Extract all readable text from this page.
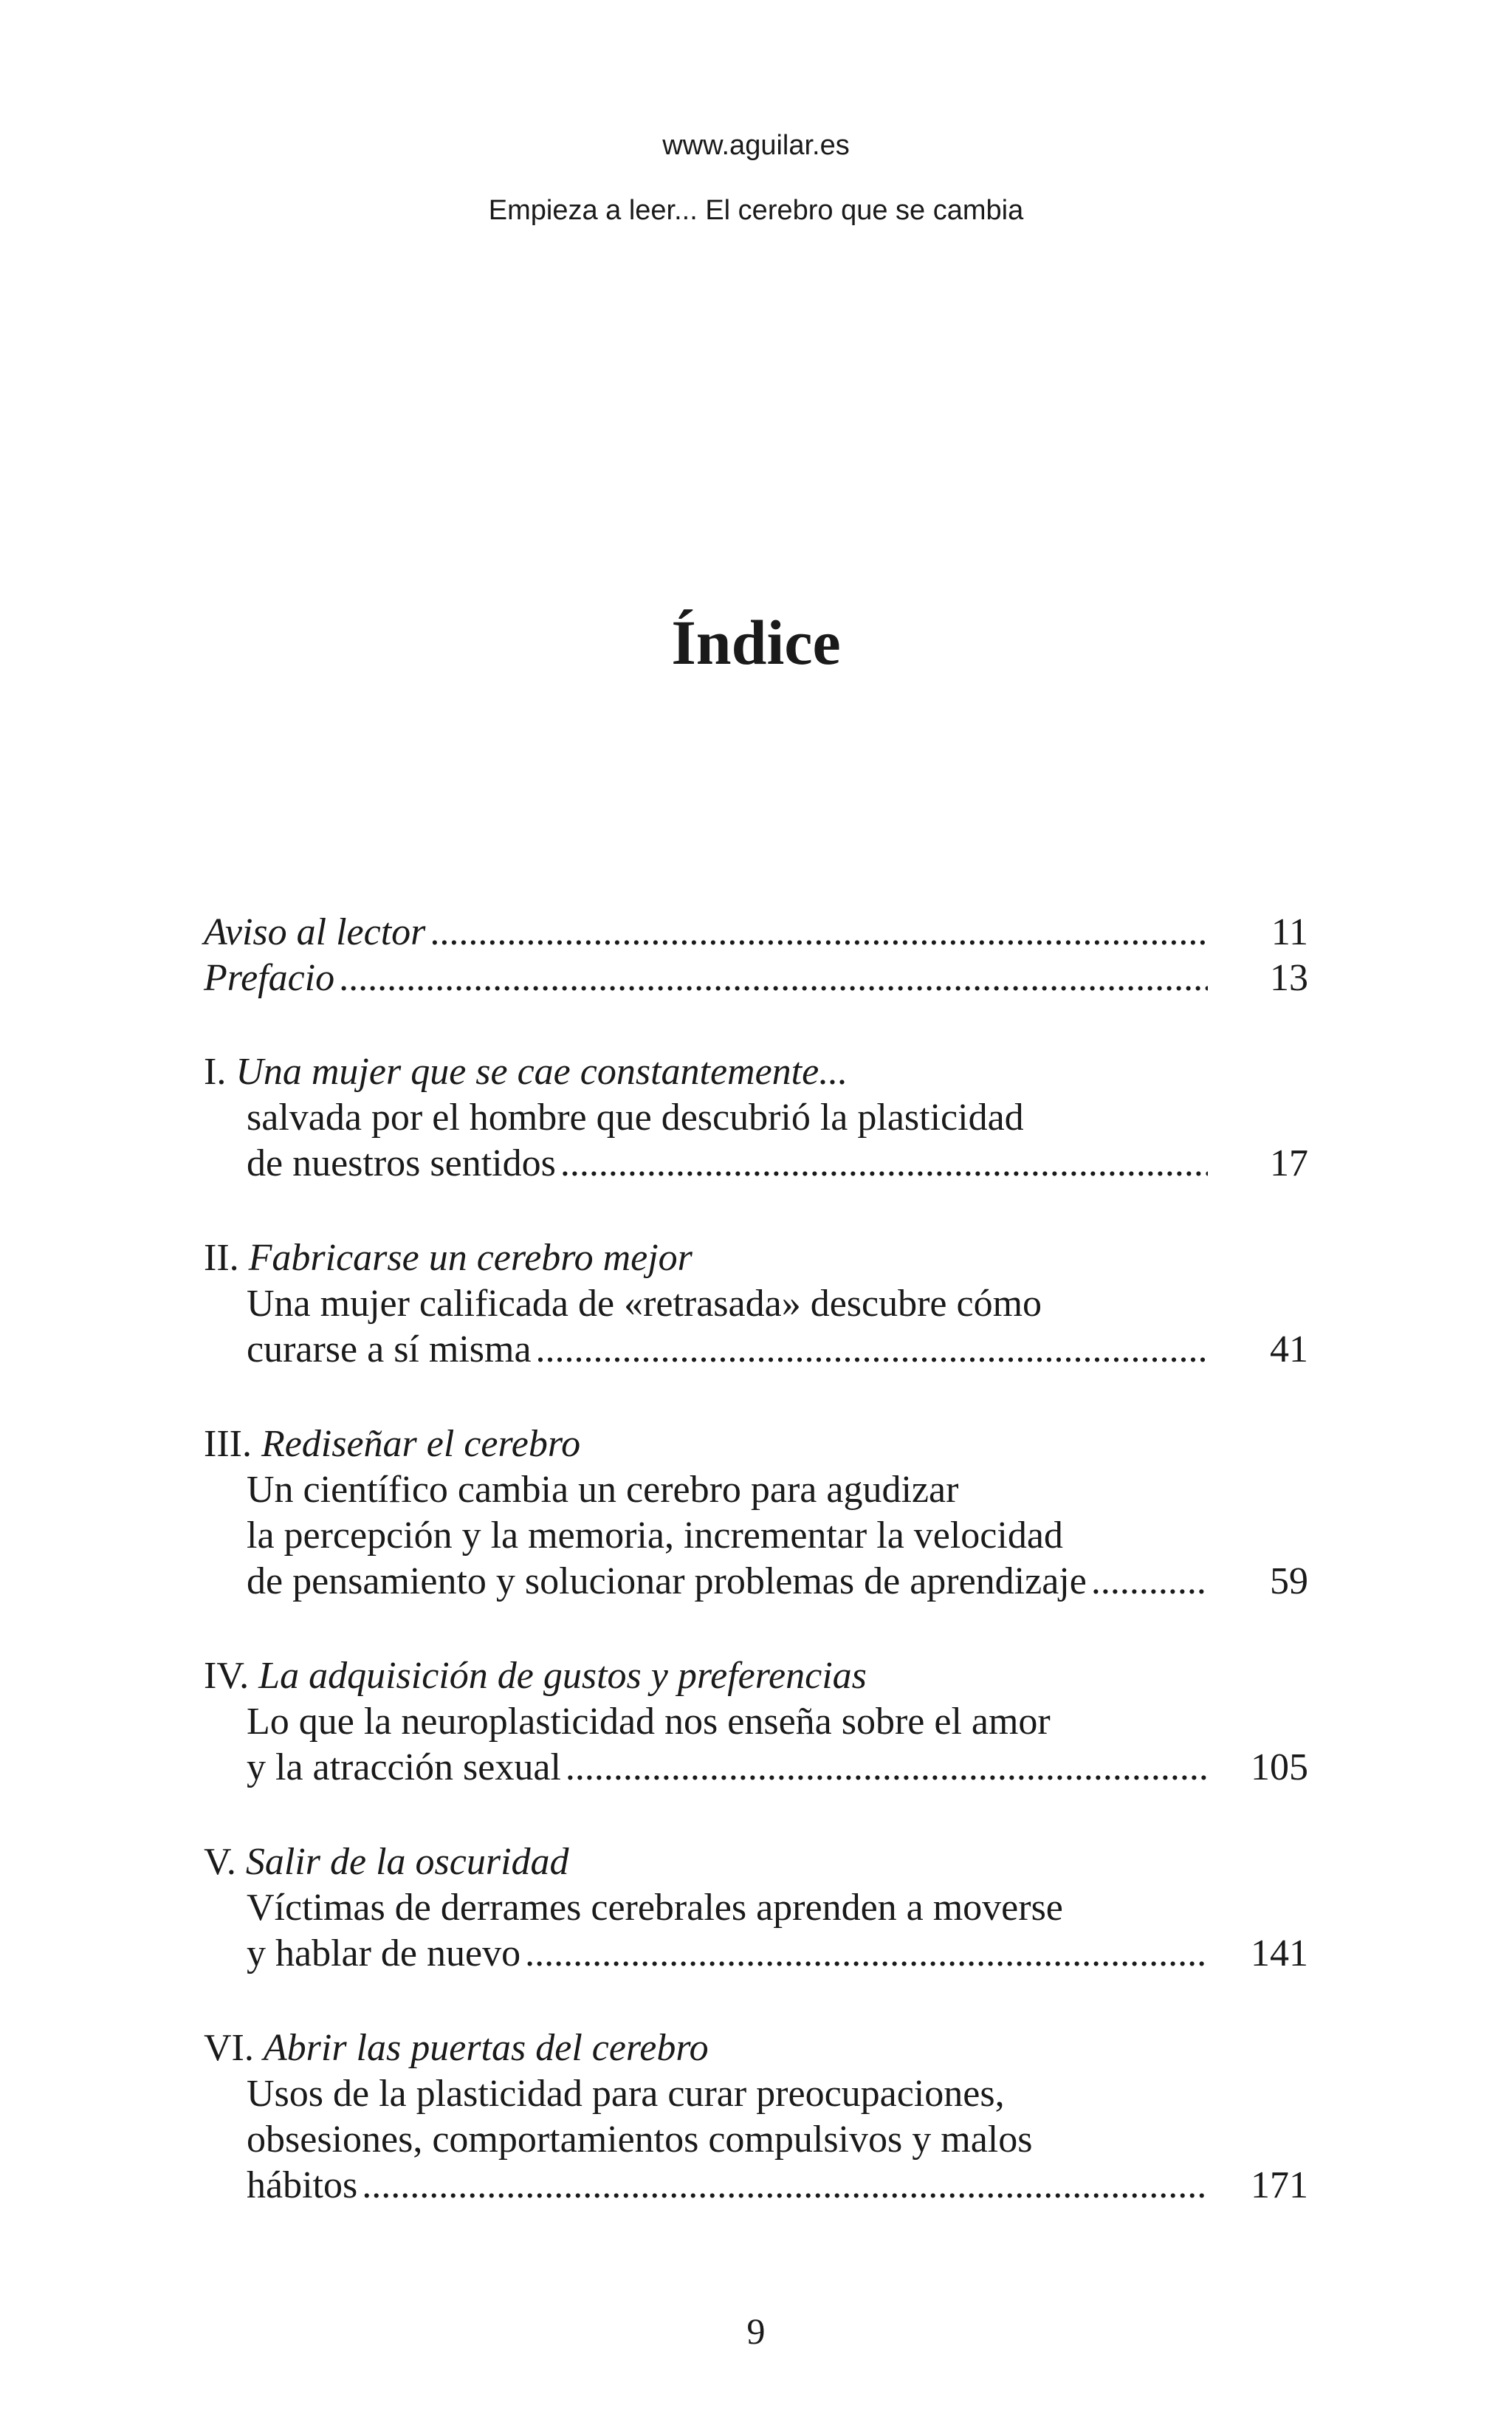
www.aguilar.es
Empieza a leer... El cerebro que se cambia
Índice
Aviso al lector .....	11
Prefacio .....	13
I. Una mujer que se cae constantemente...
salvada por el hombre que descubrió la plasticidad
de nuestros sentidos .....	17
II. Fabricarse un cerebro mejor
Una mujer calificada de «retrasada» descubre cómo
curarse a sí misma .....	41
III. Rediseñar el cerebro
Un científico cambia un cerebro para agudizar
la percepción y la memoria, incrementar la velocidad
de pensamiento y solucionar problemas de aprendizaje .....	59
IV. La adquisición de gustos y preferencias
Lo que la neuroplasticidad nos enseña sobre el amor
y la atracción sexual .....	105
V. Salir de la oscuridad
Víctimas de derrames cerebrales aprenden a moverse
y hablar de nuevo .....	141
VI. Abrir las puertas del cerebro
Usos de la plasticidad para curar preocupaciones,
obsesiones, comportamientos compulsivos y malos
hábitos .....	171
9
